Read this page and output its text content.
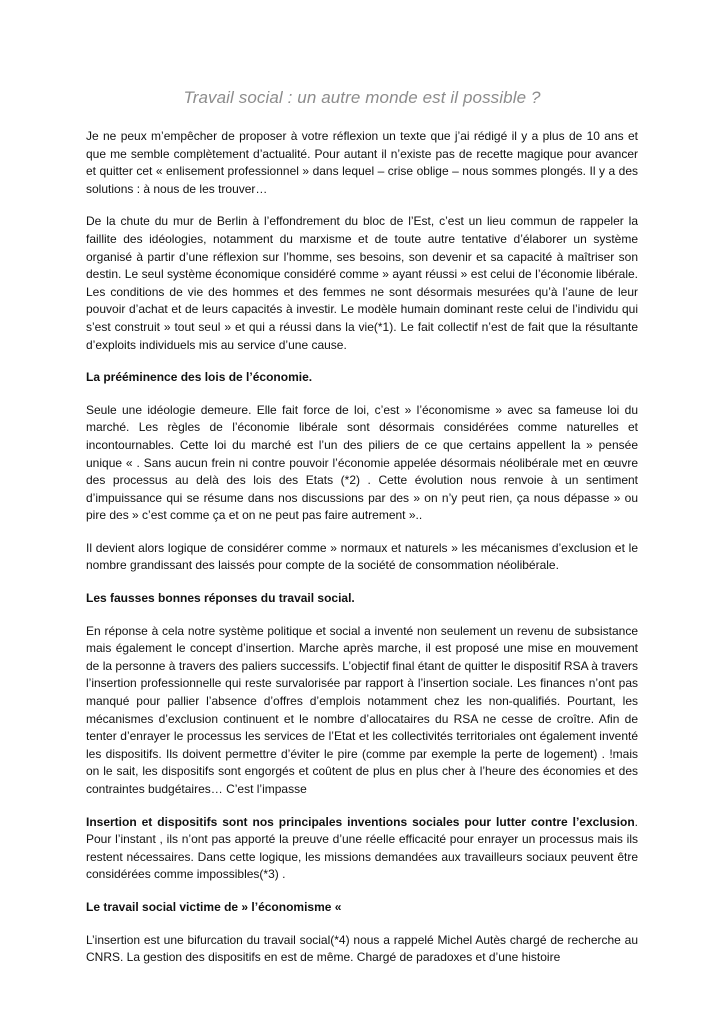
Travail social : un autre monde est il possible ?

Je ne peux m’empêcher de proposer à votre réflexion un texte que j’ai rédigé il y a plus de 10 ans et que me semble complètement d’actualité. Pour autant il n’existe pas de recette magique pour avancer et quitter cet « enlisement professionnel » dans lequel – crise oblige – nous sommes plongés. Il y a des solutions : à nous de les trouver…

De la chute du mur de Berlin à l’effondrement du bloc de l’Est, c’est un lieu commun de rappeler la faillite des idéologies, notamment du marxisme et de toute autre tentative d’élaborer un système organisé à partir d’une réflexion sur l’homme, ses besoins, son devenir et sa capacité à maîtriser son destin. Le seul système économique considéré comme » ayant réussi » est celui de l’économie libérale. Les conditions de vie des hommes et des femmes ne sont désormais mesurées qu’à l’aune de leur pouvoir d’achat et de leurs capacités à investir. Le modèle humain dominant reste celui de l’individu qui s’est construit » tout seul » et qui a réussi dans la vie(*1). Le fait collectif n’est de fait que la résultante d’exploits individuels mis au service d’une cause.

La prééminence des lois de l’économie.

Seule une idéologie demeure. Elle fait force de loi, c’est » l’économisme » avec sa fameuse loi du marché. Les règles de l’économie libérale sont désormais considérées comme naturelles et incontournables. Cette loi du marché est l’un des piliers de ce que certains appellent la » pensée unique « . Sans aucun frein ni contre pouvoir l’économie appelée désormais néolibérale met en œuvre des processus au delà des lois des Etats (*2) . Cette évolution nous renvoie à un sentiment d’impuissance qui se résume dans nos discussions par des » on n’y peut rien, ça nous dépasse » ou pire des » c’est comme ça et on ne peut pas faire autrement »..

Il devient alors logique de considérer comme » normaux et naturels » les mécanismes d’exclusion et le nombre grandissant des laissés pour compte de la société de consommation néolibérale.

Les fausses bonnes réponses du travail social.

En réponse à cela notre système politique et social a inventé non seulement un revenu de subsistance mais également le concept d’insertion. Marche après marche, il est proposé une mise en mouvement de la personne à travers des paliers successifs. L’objectif final étant de quitter le dispositif RSA à travers l’insertion professionnelle qui reste survalorisée par rapport à l’insertion sociale. Les finances n’ont pas manqué pour pallier l’absence d’offres d’emplois notamment chez les non-qualifiés. Pourtant, les mécanismes d’exclusion continuent et le nombre d’allocataires du RSA ne cesse de croître. Afin de tenter d’enrayer le processus les services de l’Etat et les collectivités territoriales ont également inventé les dispositifs. Ils doivent permettre d’éviter le pire (comme par exemple la perte de logement) . !mais on le sait, les dispositifs sont engorgés et coûtent de plus en plus cher à l’heure des économies et des contraintes budgétaires… C’est l’impasse

Insertion et dispositifs sont nos principales inventions sociales pour lutter contre l’exclusion. Pour l’instant , ils n’ont pas apporté la preuve d’une réelle efficacité pour enrayer un processus mais ils restent nécessaires. Dans cette logique, les missions demandées aux travailleurs sociaux peuvent être considérées comme impossibles(*3) .

Le travail social victime de » l’économisme «

L’insertion est une bifurcation du travail social(*4) nous a rappelé Michel Autès chargé de recherche au CNRS. La gestion des dispositifs en est de même. Chargé de paradoxes et d’une histoire
